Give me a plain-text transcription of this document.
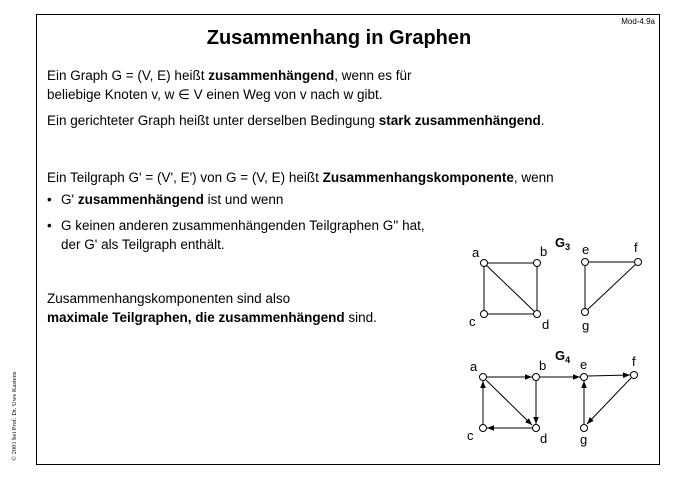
Mod-4.9a
Zusammenhang in Graphen

Ein Graph G = (V, E) heißt zusammenhängend, wenn es für
beliebige Knoten v, w ∈ V einen Weg von v nach w gibt.

Ein gerichteter Graph heißt unter derselben Bedingung stark zusammenhängend.

Ein Teilgraph G' = (V', E') von G = (V, E) heißt Zusammenhangskomponente, wenn

• G' zusammenhängend ist und wenn

• G keinen anderen zusammenhängenden Teilgraphen G'' hat,
der G' als Teilgraph enthält.

Zusammenhangskomponenten sind also
maximale Teilgraphen, die zusammenhängend sind.

© 2001 bei Prof. Dr. Uwe Kastens
$G_3$
a	b
c	d
e	f
g
$G_4$
a	b
c	d
e	f
g
